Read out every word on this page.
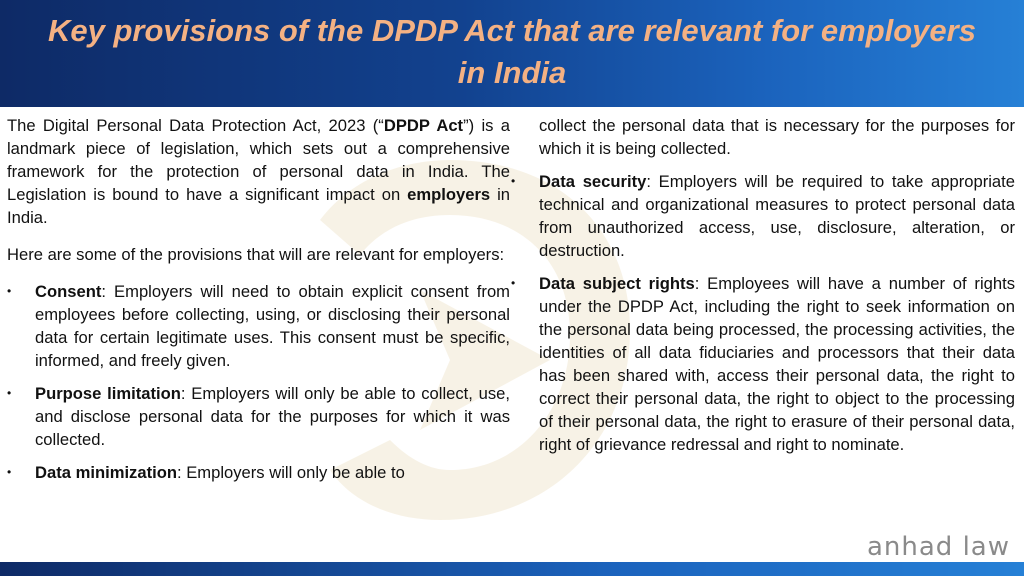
Key provisions of the DPDP Act that are relevant for employers in India

The Digital Personal Data Protection Act, 2023 (“DPDP Act”) is a landmark piece of legislation, which sets out a comprehensive framework for the protection of personal data in India. The Legislation is bound to have a significant impact on employers in India.

Here are some of the provisions that will are relevant for employers:

•	Consent: Employers will need to obtain explicit consent from employees before collecting, using, or disclosing their personal data for certain legitimate uses. This consent must be specific, informed, and freely given.

•	Purpose limitation: Employers will only be able to collect, use, and disclose personal data for the purposes for which it was collected.

•	Data minimization: Employers will only be able to

collect the personal data that is necessary for the purposes for which it is being collected.

•	Data security: Employers will be required to take appropriate technical and organizational measures to protect personal data from unauthorized access, use, disclosure, alteration, or destruction.

•	Data subject rights: Employees will have a number of rights under the DPDP Act, including the right to seek information on the personal data being processed, the processing activities, the identities of all data fiduciaries and processors that their data has been shared with, access their personal data, the right to correct their personal data, the right to object to the processing of their personal data, the right to erasure of their personal data, right of grievance redressal and right to nominate.

anhad law
